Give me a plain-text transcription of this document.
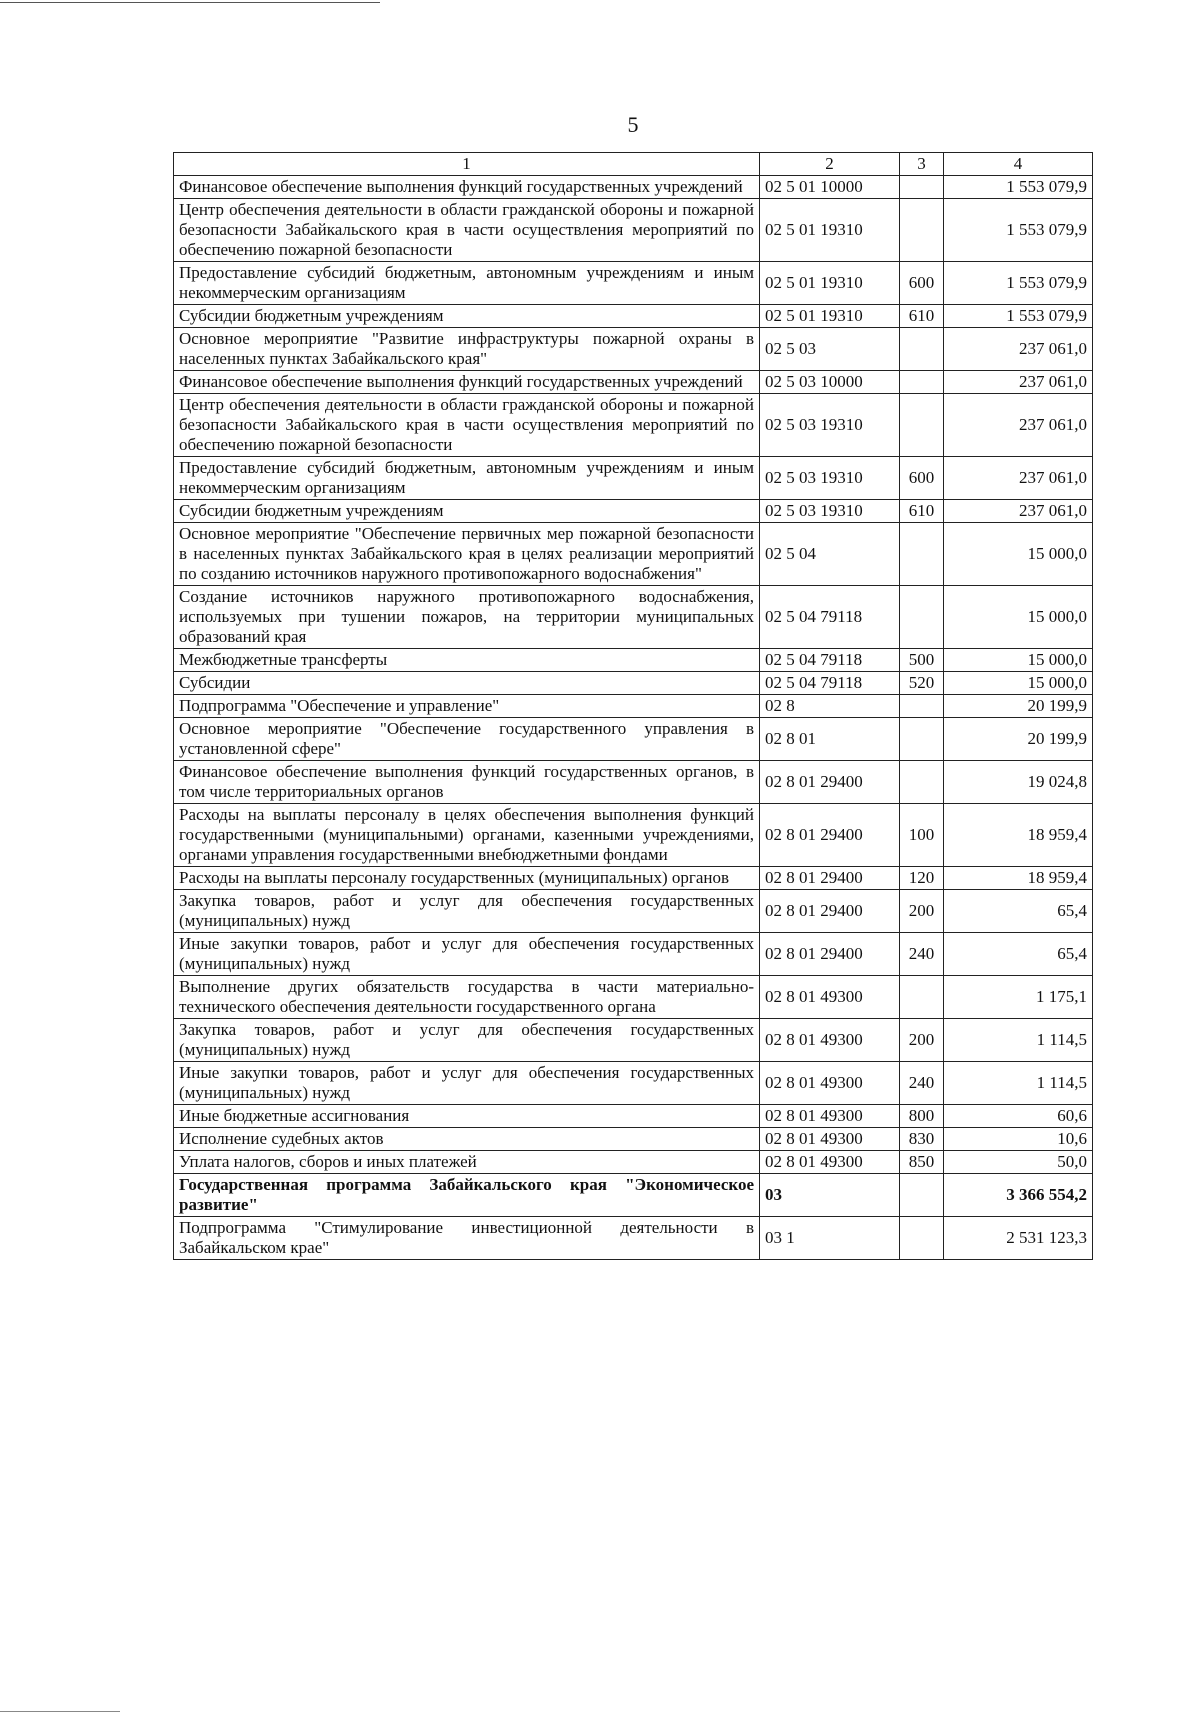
5
1	2	3	4
Финансовое обеспечение выполнения функций государственных учреждений	02 5 01 10000		1 553 079,9
Центр обеспечения деятельности в области гражданской обороны и пожарной безопасности Забайкальского края в части осуществления мероприятий по обеспечению пожарной безопасности	02 5 01 19310		1 553 079,9
Предоставление субсидий бюджетным, автономным учреждениям и иным некоммерческим организациям	02 5 01 19310	600	1 553 079,9
Субсидии бюджетным учреждениям	02 5 01 19310	610	1 553 079,9
Основное мероприятие "Развитие инфраструктуры пожарной охраны в населенных пунктах Забайкальского края"	02 5 03		237 061,0
Финансовое обеспечение выполнения функций государственных учреждений	02 5 03 10000		237 061,0
Центр обеспечения деятельности в области гражданской обороны и пожарной безопасности Забайкальского края в части осуществления мероприятий по обеспечению пожарной безопасности	02 5 03 19310		237 061,0
Предоставление субсидий бюджетным, автономным учреждениям и иным некоммерческим организациям	02 5 03 19310	600	237 061,0
Субсидии бюджетным учреждениям	02 5 03 19310	610	237 061,0
Основное мероприятие "Обеспечение первичных мер пожарной безопасности в населенных пунктах Забайкальского края в целях реализации мероприятий по созданию источников наружного противопожарного водоснабжения"	02 5 04		15 000,0
Создание источников наружного противопожарного водоснабжения, используемых при тушении пожаров, на территории муниципальных образований края	02 5 04 79118		15 000,0
Межбюджетные трансферты	02 5 04 79118	500	15 000,0
Субсидии	02 5 04 79118	520	15 000,0
Подпрограмма "Обеспечение и управление"	02 8		20 199,9
Основное мероприятие "Обеспечение государственного управления в установленной сфере"	02 8 01		20 199,9
Финансовое обеспечение выполнения функций государственных органов, в том числе территориальных органов	02 8 01 29400		19 024,8
Расходы на выплаты персоналу в целях обеспечения выполнения функций государственными (муниципальными) органами, казенными учреждениями, органами управления государственными внебюджетными фондами	02 8 01 29400	100	18 959,4
Расходы на выплаты персоналу государственных (муниципальных) органов	02 8 01 29400	120	18 959,4
Закупка товаров, работ и услуг для обеспечения государственных (муниципальных) нужд	02 8 01 29400	200	65,4
Иные закупки товаров, работ и услуг для обеспечения государственных (муниципальных) нужд	02 8 01 29400	240	65,4
Выполнение других обязательств государства в части материально-технического обеспечения деятельности государственного органа	02 8 01 49300		1 175,1
Закупка товаров, работ и услуг для обеспечения государственных (муниципальных) нужд	02 8 01 49300	200	1 114,5
Иные закупки товаров, работ и услуг для обеспечения государственных (муниципальных) нужд	02 8 01 49300	240	1 114,5
Иные бюджетные ассигнования	02 8 01 49300	800	60,6
Исполнение судебных актов	02 8 01 49300	830	10,6
Уплата налогов, сборов и иных платежей	02 8 01 49300	850	50,0
Государственная программа Забайкальского края "Экономическое развитие"	03		3 366 554,2
Подпрограмма "Стимулирование инвестиционной деятельности в Забайкальском крае"	03 1		2 531 123,3
